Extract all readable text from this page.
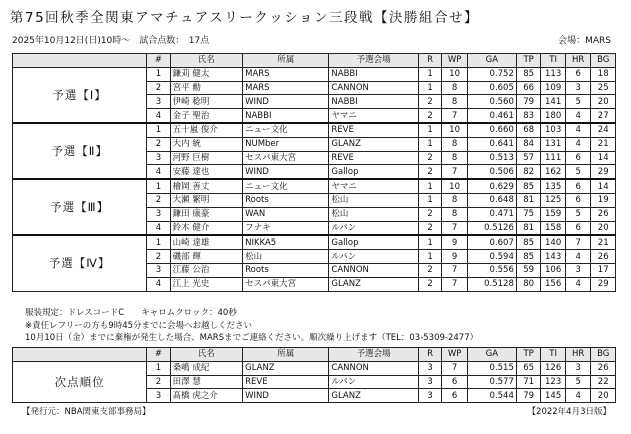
第75回秋季全関東アマチュアスリークッション三段戦【決勝組合せ】
2025年10月12日(日)10時～　試合点数：　17点	会場：MARS
	#	氏名	所属	予選会場	R	WP	GA	TP	TI	HR	BG
予選【Ⅰ】	1	鎌苅 健太	MARS	NABBI	1	10	0.752	85	113	6	18
	2	宮平 勳	MARS	CANNON	1	8	0.605	66	109	3	25
	3	伊崎 稔明	WIND	NABBI	2	8	0.560	79	141	5	20
	4	金子 聖治	NABBI	ヤマニ	2	7	0.461	83	180	4	27
予選【Ⅱ】	1	五十嵐 俊介	ニュー文化	REVE	1	10	0.660	68	103	4	24
	2	大内 統	NUMber	GLANZ	1	8	0.641	84	131	4	21
	3	河野 巨樹	セスパ東大宮	REVE	2	8	0.513	57	111	6	14
	4	安藤 達也	WIND	Gallop	2	7	0.506	82	162	5	29
予選【Ⅲ】	1	檜岡 善丈	ニュー文化	ヤマニ	1	10	0.629	85	135	6	14
	2	大瀬 繁明	Roots	松山	1	8	0.648	81	125	6	19
	3	鎌田 康豪	WAN	松山	2	8	0.471	75	159	5	26
	4	鈴木 健介	フナキ	ルパン	2	7	0.5126	81	158	6	20
予選【Ⅳ】	1	山崎 達雄	NIKKA5	Gallop	1	9	0.607	85	140	7	21
	2	磯部 輝	松山	ルパン	1	9	0.594	85	143	4	26
	3	江藤 公治	Roots	CANNON	2	7	0.556	59	106	3	17
	4	江上 光史	セスパ東大宮	GLANZ	2	7	0.5128	80	156	4	29
服装規定：ドレスコードC　　キャロムクロック：40秒
※責任レフリーの方も9時45分までに会場へお越しください
10月10日（金）までに棄権が発生した場合、MARSまでご連絡ください。順次繰り上げます（TEL：03-5309-2477）
	#	氏名	所属	予選会場	R	WP	GA	TP	TI	HR	BG
次点順位	1	桑嶋 成紀	GLANZ	CANNON	3	7	0.515	65	126	3	26
	2	田澤 慧	REVE	ルパン	3	6	0.577	71	123	5	22
	3	髙橋 虎之介	WIND	GLANZ	3	6	0.544	79	145	4	20
【発行元：NBA関東支部事務局】	【2022年4月3日版】
